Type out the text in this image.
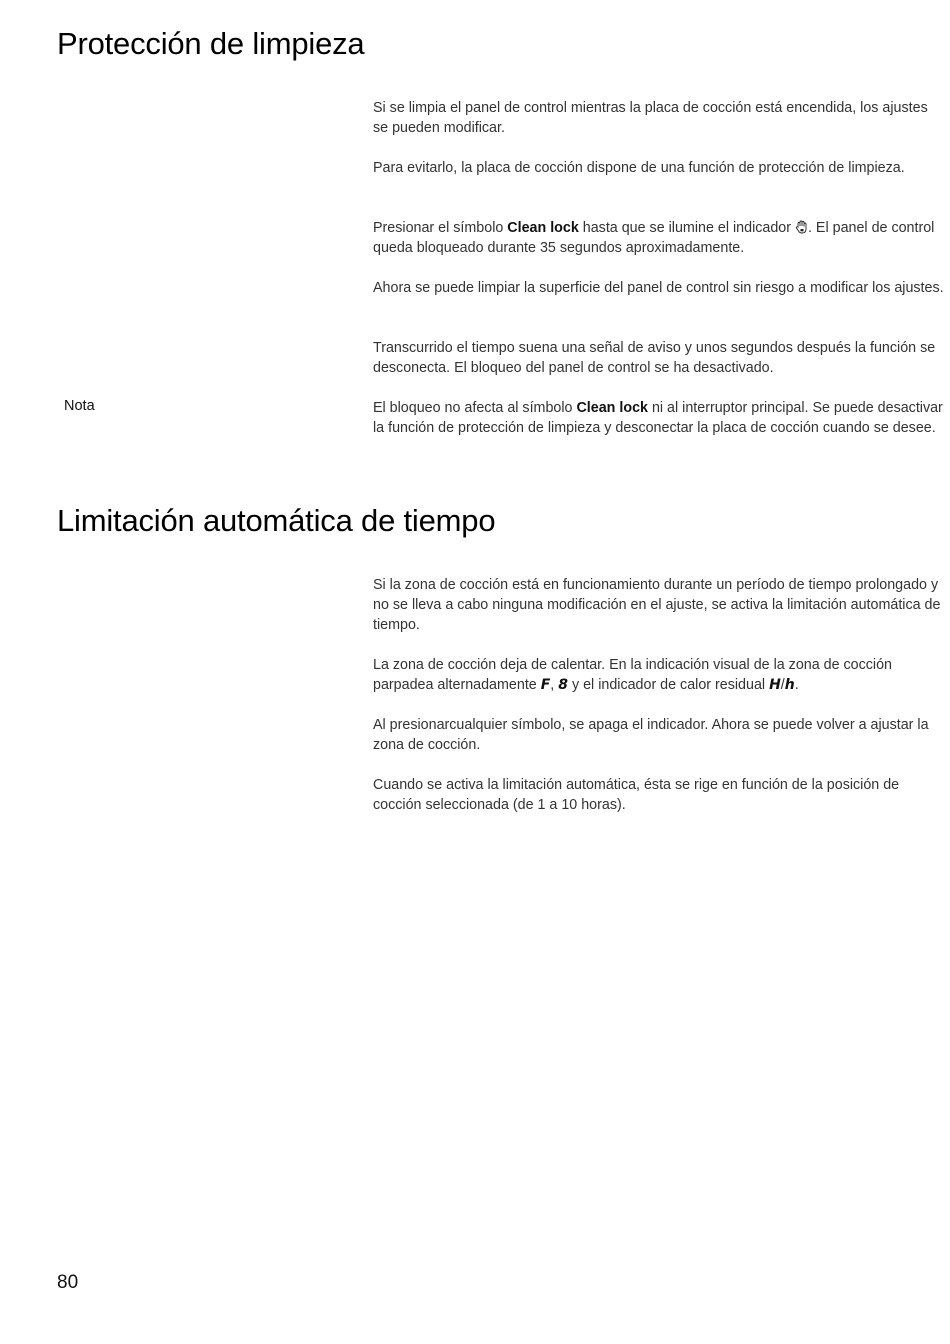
Protección de limpieza

Si se limpia el panel de control mientras la placa de cocción está encendida, los ajustes se pueden modificar.

Para evitarlo, la placa de cocción dispone de una función de protección de limpieza.

Presionar el símbolo Clean lock hasta que se ilumine el indicador . El panel de control queda bloqueado durante 35 segundos aproximadamente.

Ahora se puede limpiar la superficie del panel de control sin riesgo a modificar los ajustes.

Transcurrido el tiempo suena una señal de aviso y unos segundos después la función se desconecta. El bloqueo del panel de control se ha desactivado.

Nota	El bloqueo no afecta al símbolo Clean lock ni al interruptor principal. Se puede desactivar la función de protección de limpieza y desconectar la placa de cocción cuando se desee.

Limitación automática de tiempo

Si la zona de cocción está en funcionamiento durante un período de tiempo prolongado y no se lleva a cabo ninguna modificación en el ajuste, se activa la limitación automática de tiempo.

La zona de cocción deja de calentar. En la indicación visual de la zona de cocción parpadea alternadamente F, 8 y el indicador de calor residual H/h.

Al presionarcualquier símbolo, se apaga el indicador. Ahora se puede volver a ajustar la zona de cocción.

Cuando se activa la limitación automática, ésta se rige en función de la posición de cocción seleccionada (de 1 a 10 horas).

80
